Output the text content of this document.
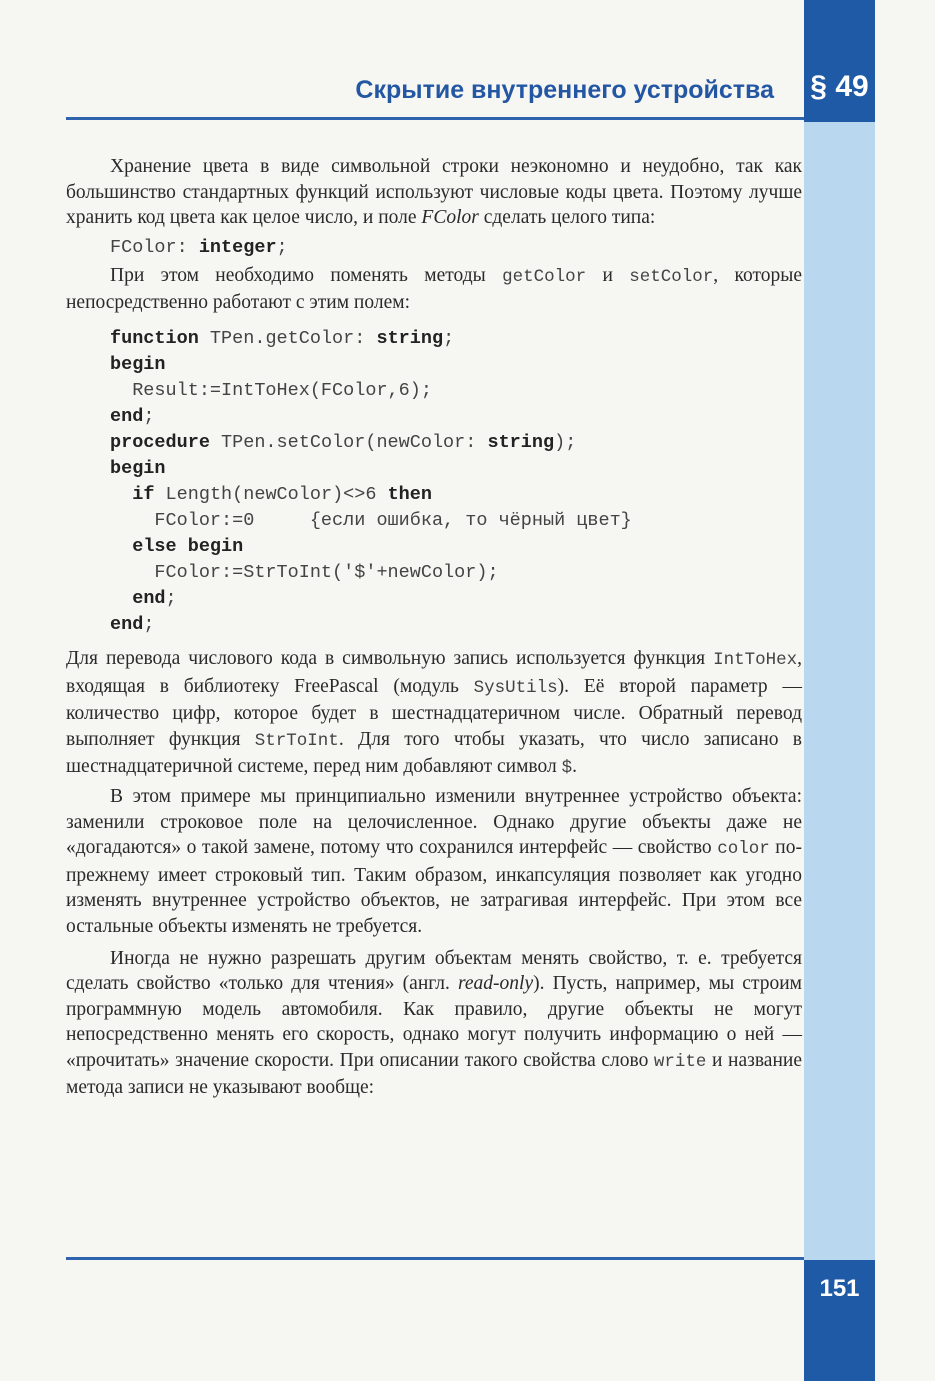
§ 49
151
Скрытие внутреннего устройства

Хранение цвета в виде символьной строки неэкономно и неудобно, так как большинство стандартных функций используют числовые коды цвета. Поэтому лучше хранить код цвета как целое число, и поле FColor сделать целого типа:

FColor: integer;

При этом необходимо поменять методы getColor и setColor, которые непосредственно работают с этим полем:

function TPen.getColor: string;
begin
Result:=IntToHex(FColor,6);
end;
procedure TPen.setColor(newColor: string);
begin
if Length(newColor)<>6 then
FColor:=0     {если ошибка, то чёрный цвет}
else begin
FColor:=StrToInt('$'+newColor);
end;
end;

Для перевода числового кода в символьную запись используется функция IntToHex, входящая в библиотеку FreePascal (модуль SysUtils). Её второй параметр — количество цифр, которое будет в шестнадцатеричном числе. Обратный перевод выполняет функция StrToInt. Для того чтобы указать, что число записано в шестнадцатеричной системе, перед ним добавляют символ $.

В этом примере мы принципиально изменили внутреннее устройство объекта: заменили строковое поле на целочисленное. Однако другие объекты даже не «догадаются» о такой замене, потому что сохранился интерфейс — свойство color по-прежнему имеет строковый тип. Таким образом, инкапсуляция позволяет как угодно изменять внутреннее устройство объектов, не затрагивая интерфейс. При этом все остальные объекты изменять не требуется.

Иногда не нужно разрешать другим объектам менять свойство, т. е. требуется сделать свойство «только для чтения» (англ. read-only). Пусть, например, мы строим программную модель автомобиля. Как правило, другие объекты не могут непосредственно менять его скорость, однако могут получить информацию о ней — «прочитать» значение скорости. При описании такого свойства слово write и название метода записи не указывают вообще:
